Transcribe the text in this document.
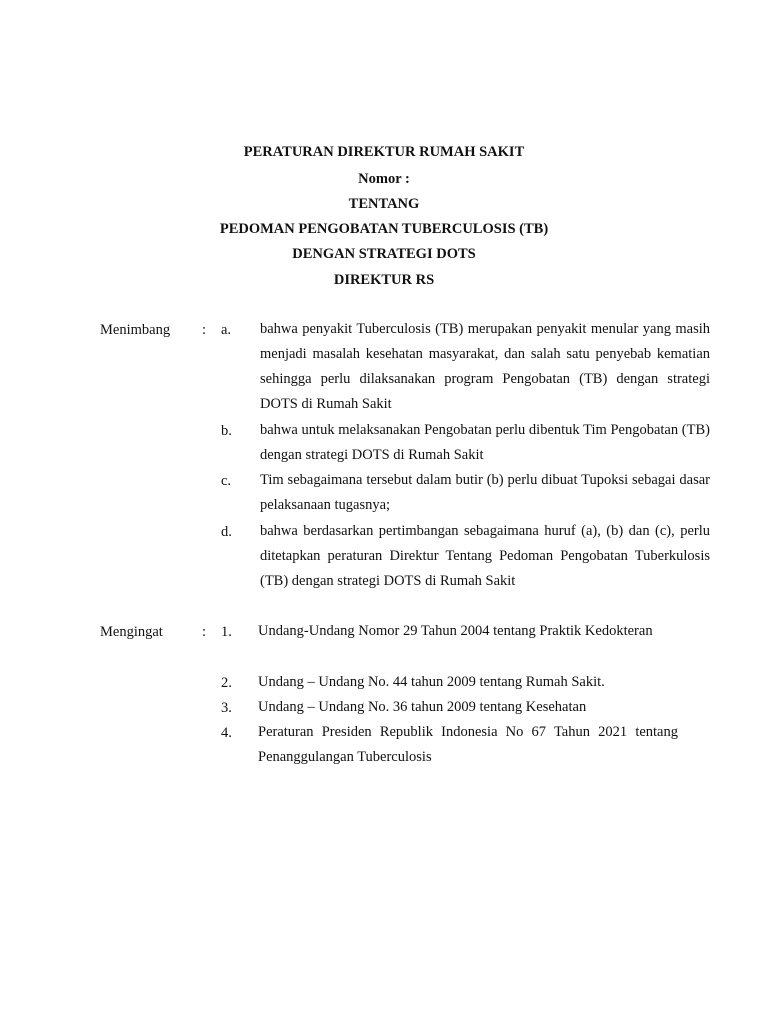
PERATURAN DIREKTUR RUMAH SAKIT
Nomor :
TENTANG
PEDOMAN PENGOBATAN TUBERCULOSIS (TB)
DENGAN STRATEGI DOTS
DIREKTUR RS
Menimbang : a. bahwa penyakit Tuberculosis (TB) merupakan penyakit menular yang masih menjadi masalah kesehatan masyarakat, dan salah satu penyebab kematian sehingga perlu dilaksanakan program Pengobatan (TB) dengan strategi DOTS di Rumah Sakit
b. bahwa untuk melaksanakan Pengobatan perlu dibentuk Tim Pengobatan (TB) dengan strategi DOTS di Rumah Sakit
c. Tim sebagaimana tersebut dalam butir (b) perlu dibuat Tupoksi sebagai dasar pelaksanaan tugasnya;
d. bahwa berdasarkan pertimbangan sebagaimana huruf (a), (b) dan (c), perlu ditetapkan peraturan Direktur Tentang Pedoman Pengobatan Tuberkulosis (TB) dengan strategi DOTS di Rumah Sakit
Mengingat	: 1. Undang-Undang Nomor 29 Tahun 2004 tentang Praktik Kedokteran
2. Undang – Undang No. 44 tahun 2009 tentang Rumah Sakit.
3. Undang – Undang No. 36 tahun 2009 tentang Kesehatan
4. Peraturan Presiden Republik Indonesia No 67 Tahun 2021 tentang Penanggulangan Tuberculosis
